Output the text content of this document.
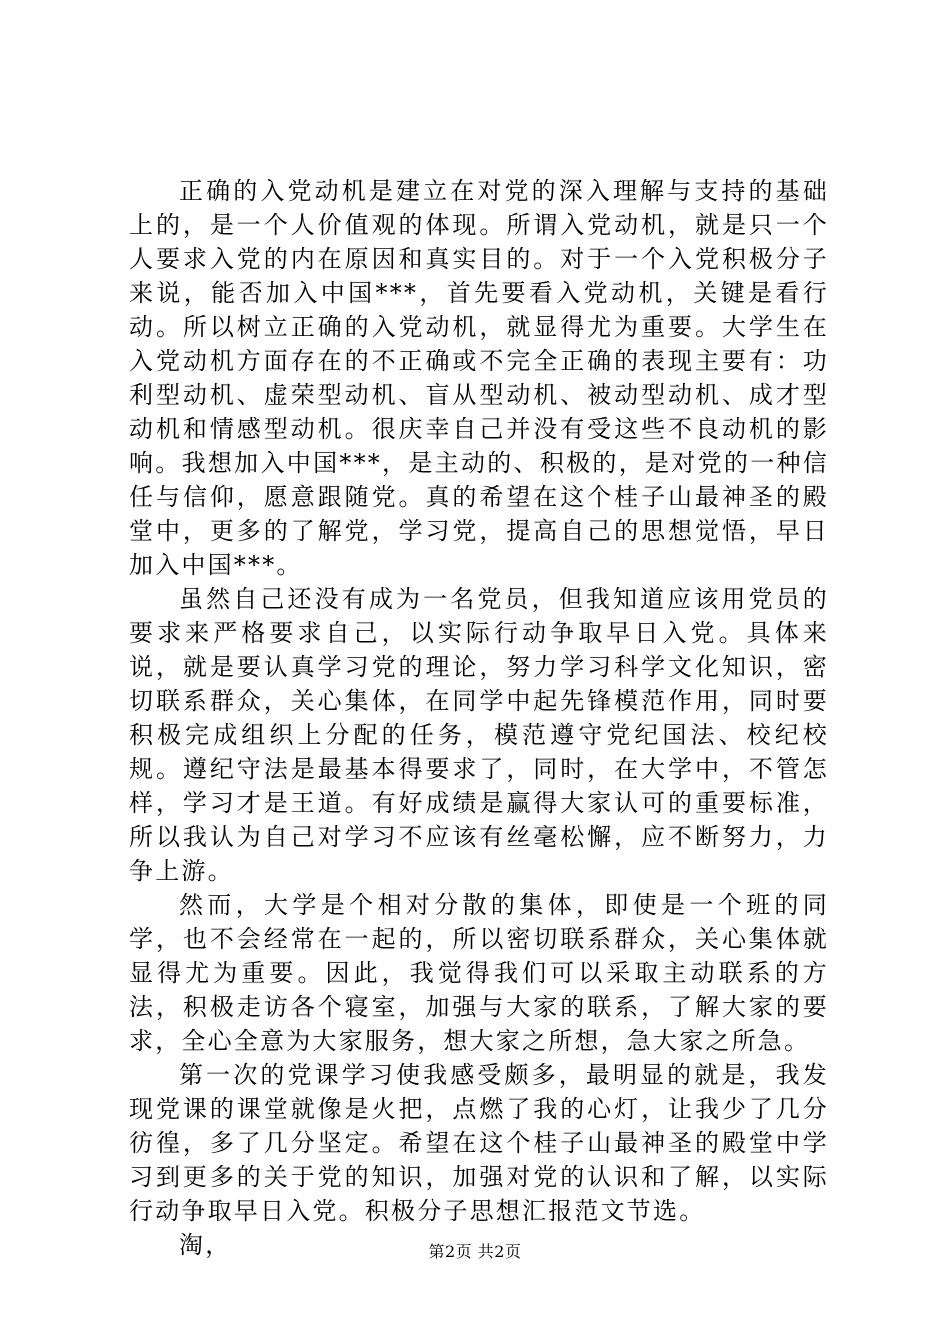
正确的入党动机是建立在对党的深入理解与支持的基础上的，是一个人价值观的体现。所谓入党动机，就是只一个人要求入党的内在原因和真实目的。对于一个入党积极分子来说，能否加入中国***，首先要看入党动机，关键是看行动。所以树立正确的入党动机，就显得尤为重要。大学生在入党动机方面存在的不正确或不完全正确的表现主要有：功利型动机、虚荣型动机、盲从型动机、被动型动机、成才型动机和情感型动机。很庆幸自己并没有受这些不良动机的影响。我想加入中国***，是主动的、积极的，是对党的一种信任与信仰，愿意跟随党。真的希望在这个桂子山最神圣的殿堂中，更多的了解党，学习党，提高自己的思想觉悟，早日加入中国***。

虽然自己还没有成为一名党员，但我知道应该用党员的要求来严格要求自己，以实际行动争取早日入党。具体来说，就是要认真学习党的理论，努力学习科学文化知识，密切联系群众，关心集体，在同学中起先锋模范作用，同时要积极完成组织上分配的任务，模范遵守党纪国法、校纪校规。遵纪守法是最基本得要求了，同时，在大学中，不管怎样，学习才是王道。有好成绩是赢得大家认可的重要标准，所以我认为自己对学习不应该有丝毫松懈，应不断努力，力争上游。

然而，大学是个相对分散的集体，即使是一个班的同学，也不会经常在一起的，所以密切联系群众，关心集体就显得尤为重要。因此，我觉得我们可以采取主动联系的方法，积极走访各个寝室，加强与大家的联系，了解大家的要求，全心全意为大家服务，想大家之所想，急大家之所急。

第一次的党课学习使我感受颇多，最明显的就是，我发现党课的课堂就像是火把，点燃了我的心灯，让我少了几分彷徨，多了几分坚定。希望在这个桂子山最神圣的殿堂中学习到更多的关于党的知识，加强对党的认识和了解，以实际行动争取早日入党。积极分子思想汇报范文节选。

淘，	第2页 共2页
